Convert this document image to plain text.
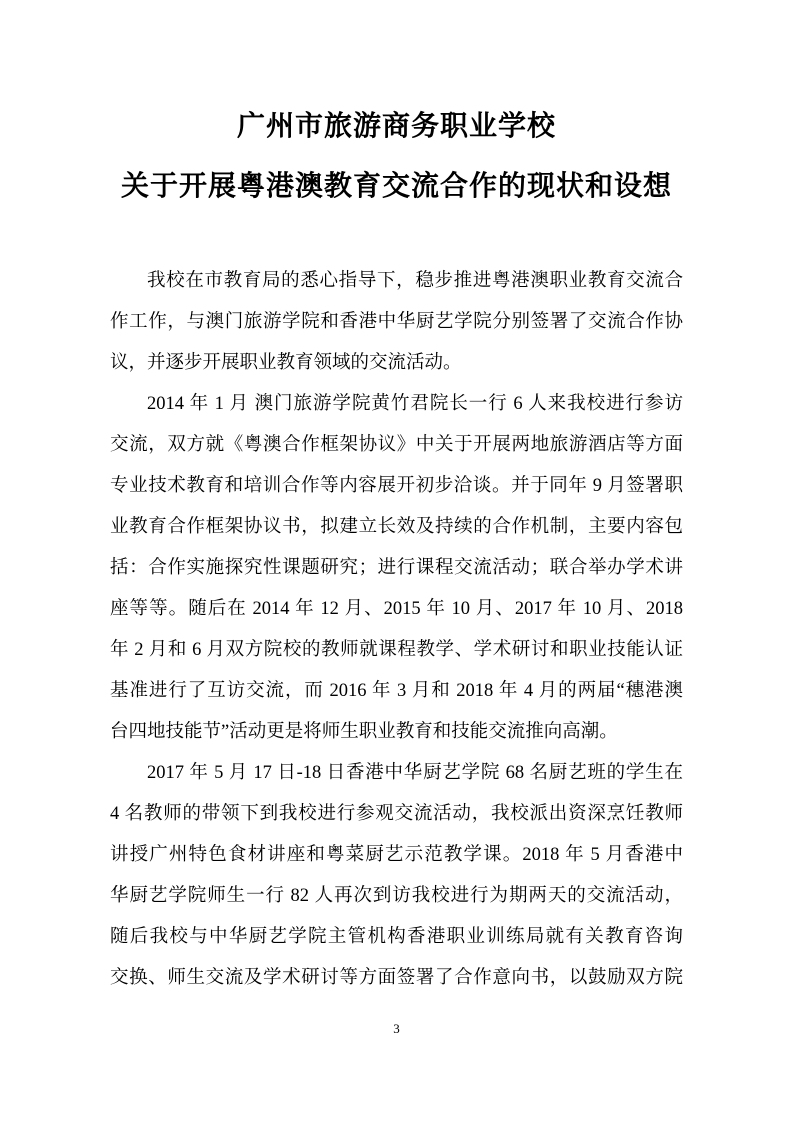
广州市旅游商务职业学校
关于开展粤港澳教育交流合作的现状和设想
我校在市教育局的悉心指导下，稳步推进粤港澳职业教育交流合
作工作，与澳门旅游学院和香港中华厨艺学院分别签署了交流合作协
议，并逐步开展职业教育领域的交流活动。
2014 年 1 月 澳门旅游学院黄竹君院长一行 6 人来我校进行参访
交流，双方就《粤澳合作框架协议》中关于开展两地旅游酒店等方面
专业技术教育和培训合作等内容展开初步洽谈。并于同年 9 月签署职
业教育合作框架协议书，拟建立长效及持续的合作机制，主要内容包
括：合作实施探究性课题研究；进行课程交流活动；联合举办学术讲
座等等。随后在 2014 年 12 月、2015 年 10 月、2017 年 10 月、2018
年 2 月和 6 月双方院校的教师就课程教学、学术研讨和职业技能认证
基准进行了互访交流，而 2016 年 3 月和 2018 年 4 月的两届“穗港澳
台四地技能节”活动更是将师生职业教育和技能交流推向高潮。
2017 年 5 月 17 日-18 日香港中华厨艺学院 68 名厨艺班的学生在
4 名教师的带领下到我校进行参观交流活动，我校派出资深烹饪教师
讲授广州特色食材讲座和粤菜厨艺示范教学课。2018 年 5 月香港中
华厨艺学院师生一行 82 人再次到访我校进行为期两天的交流活动，
随后我校与中华厨艺学院主管机构香港职业训练局就有关教育咨询
交换、师生交流及学术研讨等方面签署了合作意向书，以鼓励双方院
3
